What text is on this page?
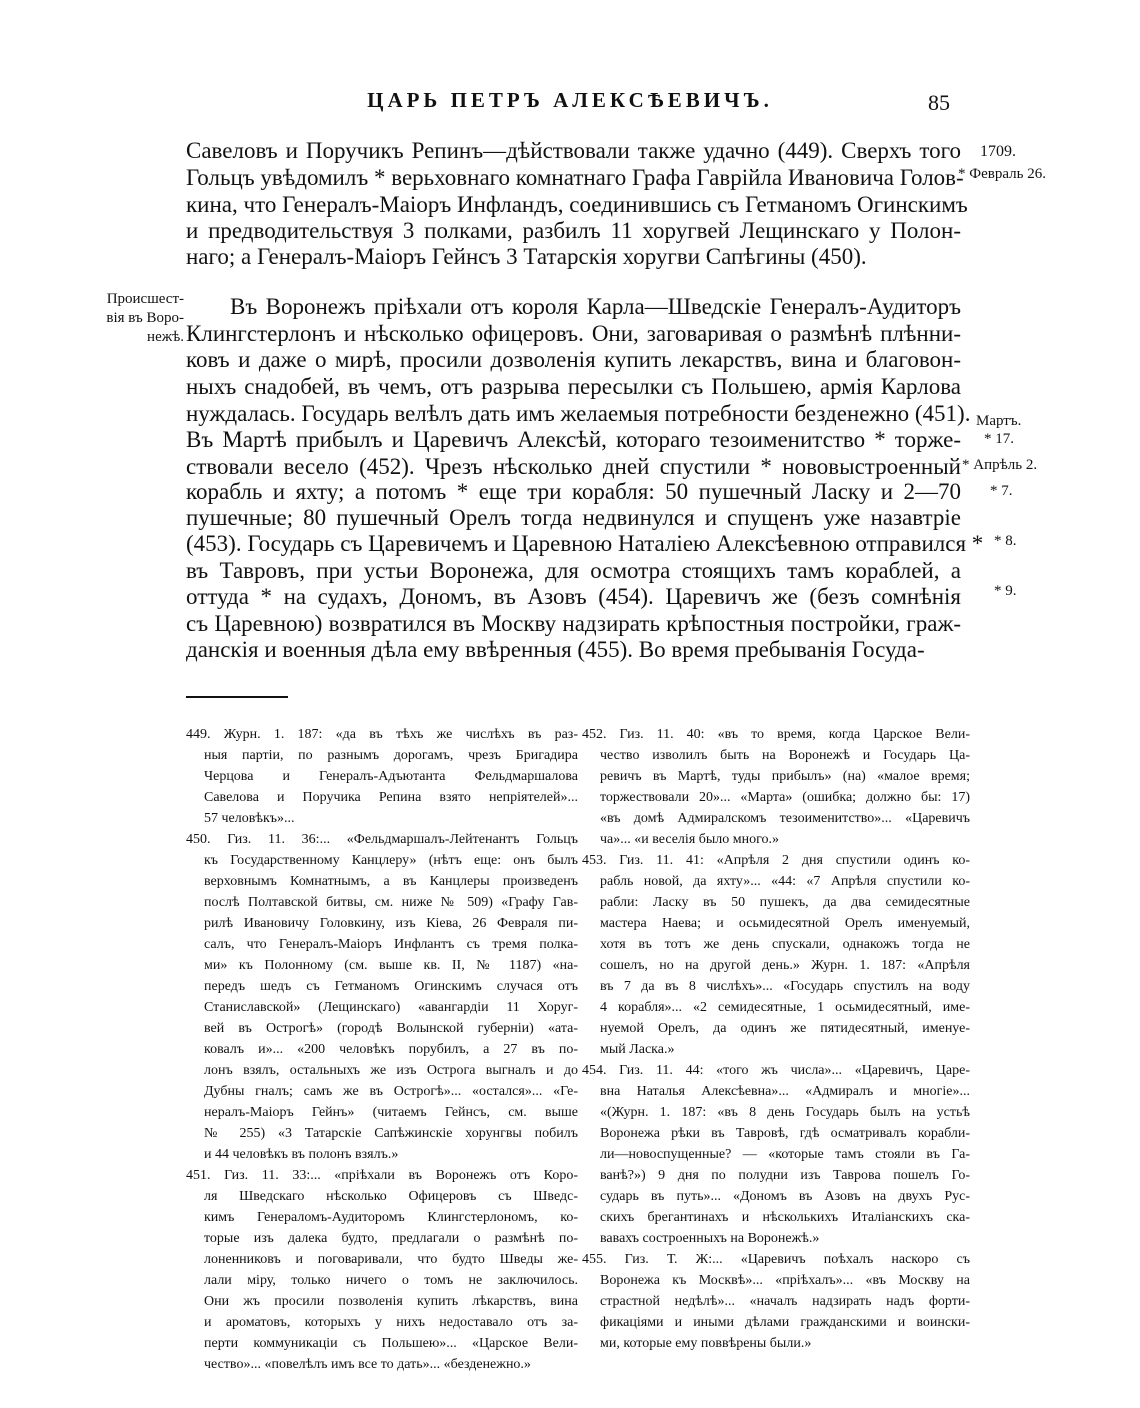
ЦАРЬ ПЕТРЪ АЛЕКСѢЕВИЧЪ.	85
Савеловъ и Поручикъ Репинъ—дѣйствовали также удачно (449). Сверхъ того
Гольцъ увѣдомилъ * верьховнаго комнатнаго Графа Гаврійла Ивановича Голов-
кина, что Генералъ-Маіоръ Инфландъ, соединившись съ Гетманомъ Огинскимъ
и предводительствуя 3 полками, разбилъ 11 хоругвей Лещинскаго у Полон-
наго; а Генералъ-Маіоръ Гейнсъ 3 Татарскія хоругви Сапѣгины (450).
Въ Воронежъ пріѣхали отъ короля Карла—Шведскіе Генералъ-Аудиторъ
Клингстерлонъ и нѣсколько офицеровъ. Они, заговаривая о размѣнѣ плѣнни-
ковъ и даже о мирѣ, просили дозволенія купить лекарствъ, вина и благовон-
ныхъ снадобей, въ чемъ, отъ разрыва пересылки съ Польшею, армія Карлова
нуждалась. Государь велѣлъ дать имъ желаемыя потребности безденежно (451).
Въ Мартѣ прибылъ и Царевичъ Алексѣй, котораго тезоименитство * торже-
ствовали весело (452). Чрезъ нѣсколько дней спустили * нововыстроенный
корабль и яхту; а потомъ * еще три корабля: 50 пушечный Ласку и 2—70
пушечные; 80 пушечный Орелъ тогда недвинулся и спущенъ уже назавтріе
(453). Государь съ Царевичемъ и Царевною Наталіею Алексѣевною отправился *
въ Тавровъ, при устьи Воронежа, для осмотра стоящихъ тамъ кораблей, а
оттуда * на судахъ, Дономъ, въ Азовъ (454). Царевичъ же (безъ сомнѣнія
съ Царевною) возвратился въ Москву надзирать крѣпостныя постройки, граж-
данскія и военныя дѣла ему ввѣренныя (455). Во время пребыванія Госуда-
Происшест-
вія въ Воро-
нежѣ.
1709.
* Февраль 26.
Мартъ.
* 17.
* Апрѣль 2.
* 7.
* 8.
* 9.
449. Журн. 1. 187: «да въ тѣхъ же числѣхъ въ раз-
ныя партіи, по разнымъ дорогамъ, чрезъ Бригадира
Черцова и Генералъ-Адъютанта Фельдмаршалова
Савелова и Поручика Репина взято непріятелей»...
57 человѣкъ»...
450. Гиз. 11. 36:... «Фельдмаршалъ-Лейтенантъ Гольцъ
къ Государственному Канцлеру» (нѣтъ еще: онъ былъ
верховнымъ Комнатнымъ, а въ Канцлеры произведенъ
послѣ Полтавской битвы, см. ниже № 509) «Графу Гав-
рилѣ Ивановичу Головкину, изъ Кіева, 26 Февраля пи-
салъ, что Генералъ-Маіоръ Инфлантъ съ тремя полка-
ми» къ Полонному (см. выше кв. II, № 1187) «на-
передъ шедъ съ Гетманомъ Огинскимъ случася отъ
Станиславской» (Лещинскаго) «авангардіи 11 Хоруг-
вей въ Острогѣ» (городѣ Волынской губерніи) «ата-
ковалъ и»... «200 человѣкъ порубилъ, а 27 въ по-
лонъ взялъ, остальныхъ же изъ Острога выгналъ и до
Дубны гналъ; самъ же въ Острогѣ»... «остался»... «Ге-
нералъ-Маіоръ Гейнъ» (читаемъ Гейнсъ, см. выше
№ 255) «3 Татарскіе Сапѣжинскіе хорунгвы побилъ
и 44 человѣкъ въ полонъ взялъ.»
451. Гиз. 11. 33:... «пріѣхали въ Воронежъ отъ Коро-
ля Шведскаго нѣсколько Офицеровъ съ Шведс-
кимъ Генераломъ-Аудиторомъ Клингстерлономъ, ко-
торые изъ далека будто, предлагали о размѣнѣ по-
лоненниковъ и поговаривали, что будто Шведы же-
лали міру, только ничего о томъ не заключилось.
Они жъ просили позволенія купить лѣкарствъ, вина
и ароматовъ, которыхъ у нихъ недоставало отъ за-
перти коммуникаціи съ Польшею»... «Царское Вели-
чество»... «повелѣлъ имъ все то дать»... «безденежно.»
452. Гиз. 11. 40: «въ то время, когда Царское Вели-
чество изволилъ быть на Воронежѣ и Государь Ца-
ревичъ въ Мартѣ, туды прибылъ» (на) «малое время;
торжествовали 20»... «Марта» (ошибка; должно бы: 17)
«въ домѣ Адмиралскомъ тезоименитство»... «Царевичъ
ча»... «и веселія было много.»
453. Гиз. 11. 41: «Апрѣля 2 дня спустили одинъ ко-
рабль новой, да яхту»... «44: «7 Апрѣля спустили ко-
рабли: Ласку въ 50 пушекъ, да два семидесятные
мастера Наева; и осьмидесятной Орелъ именуемый,
хотя въ тотъ же день спускали, однакожъ тогда не
сошелъ, но на другой день.» Журн. 1. 187: «Апрѣля
въ 7 да въ 8 числѣхъ»... «Государь спустилъ на воду
4 корабля»... «2 семидесятные, 1 осьмидесятный, име-
нуемой Орелъ, да одинъ же пятидесятный, именуе-
мый Ласка.»
454. Гиз. 11. 44: «того жъ числа»... «Царевичъ, Царе-
вна Наталья Алексѣевна»... «Адмиралъ и многіе»...
«(Журн. 1. 187: «въ 8 день Государь былъ на устьѣ
Воронежа рѣки въ Тавровѣ, гдѣ осматривалъ корабли-
ли—новоспущенные? — «которые тамъ стояли въ Га-
ванѣ?») 9 дня по полудни изъ Таврова пошелъ Го-
сударь въ путь»... «Дономъ въ Азовъ на двухъ Рус-
скихъ брегантинахъ и нѣсколькихъ Италіанскихъ ска-
вавахъ сострoенныхъ на Воронежѣ.»
455. Гиз. Т. Ж:... «Царевичъ поѣхалъ наскоро съ
Воронежа къ Москвѣ»... «пріѣхалъ»... «въ Москву на
страстной недѣлѣ»... «началъ надзирать надъ форти-
фикаціями и иными дѣлами гражданскими и воински-
ми, которые ему поввѣрены были.»
